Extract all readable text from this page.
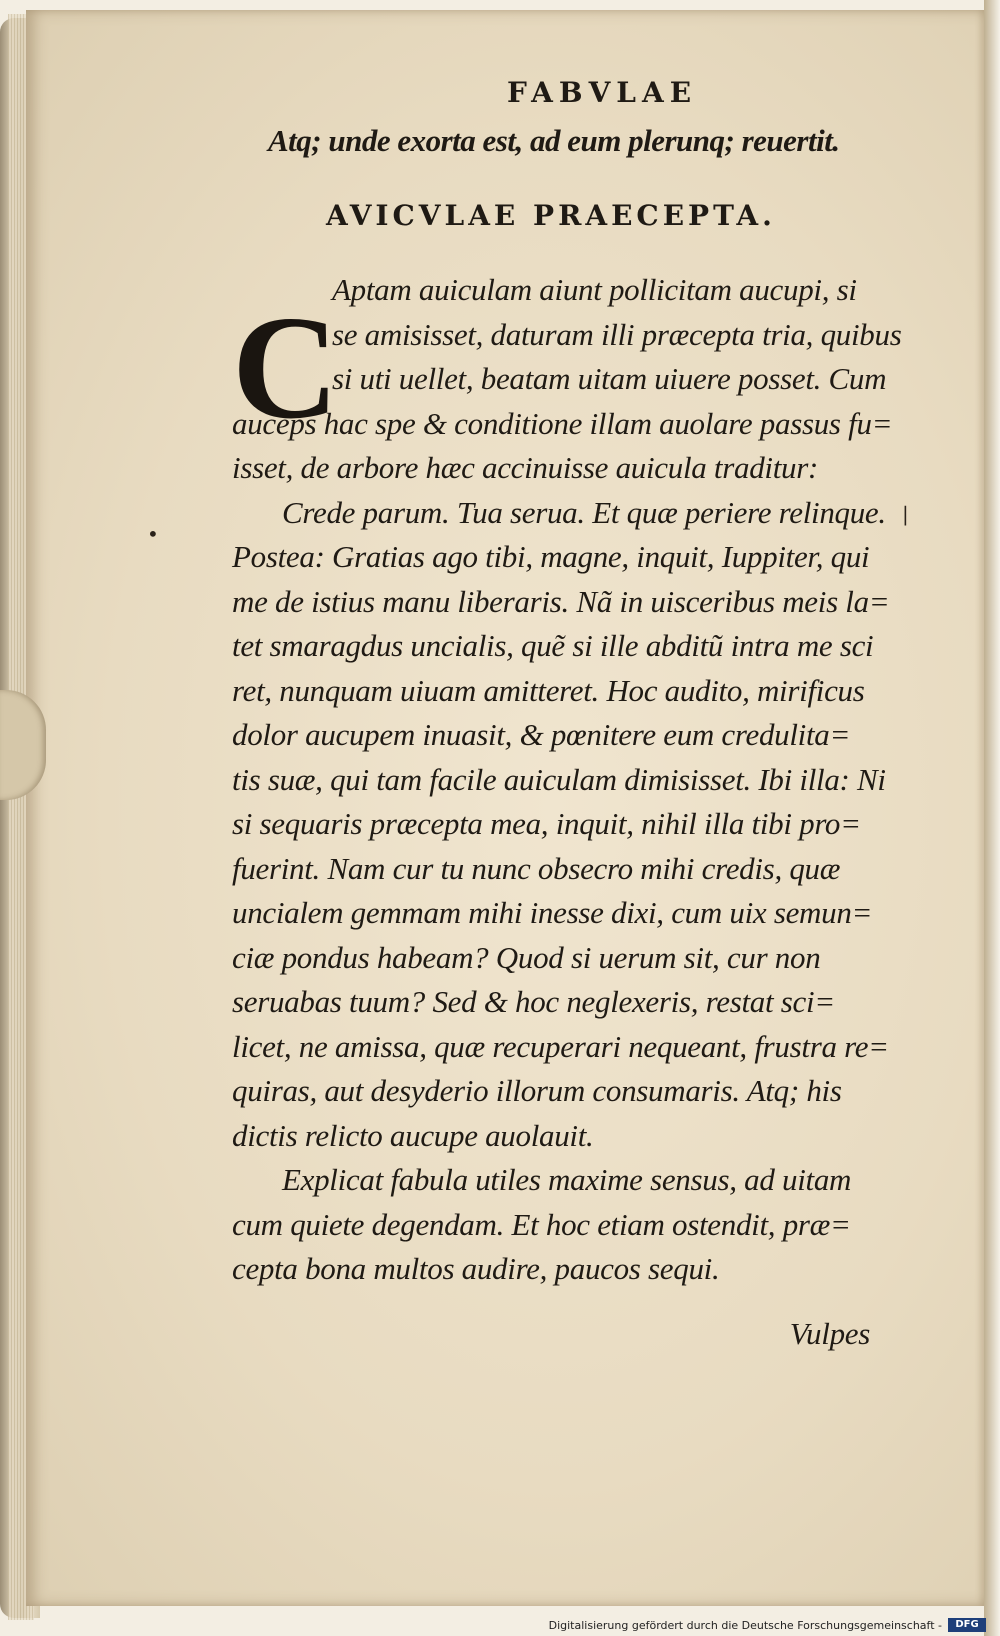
•
|
FABVLAE
Atq; unde exorta est, ad eum plerunq; reuertit.
AVICVLAE PRAECEPTA.
C
Aptam auiculam aiunt pollicitam aucupi, si
se amisisset, daturam illi præcepta tria, quibus
si uti uellet, beatam uitam uiuere posset. Cum
auceps hac spe & conditione illam auolare passus fu=
isset, de arbore hæc accinuisse auicula traditur:
Crede parum. Tua serua. Et quæ periere relinque.
Postea: Gratias ago tibi, magne, inquit, Iuppiter, qui
me de istius manu liberaris. Nã in uisceribus meis la=
tet smaragdus uncialis, quẽ si ille abditũ intra me sci
ret, nunquam uiuam amitteret. Hoc audito, mirificus
dolor aucupem inuasit, & pœnitere eum credulita=
tis suæ, qui tam facile auiculam dimisisset. Ibi illa: Ni
si sequaris præcepta mea, inquit, nihil illa tibi pro=
fuerint. Nam cur tu nunc obsecro mihi credis, quæ
uncialem gemmam mihi inesse dixi, cum uix semun=
ciæ pondus habeam? Quod si uerum sit, cur non
seruabas tuum? Sed & hoc neglexeris, restat sci=
licet, ne amissa, quæ recuperari nequeant, frustra re=
quiras, aut desyderio illorum consumaris. Atq; his
dictis relicto aucupe auolauit.
Explicat fabula utiles maxime sensus, ad uitam
cum quiete degendam. Et hoc etiam ostendit, præ=
cepta bona multos audire, paucos sequi.
Vulpes
Digitalisierung gefördert durch die Deutsche Forschungsgemeinschaft -	DFG
